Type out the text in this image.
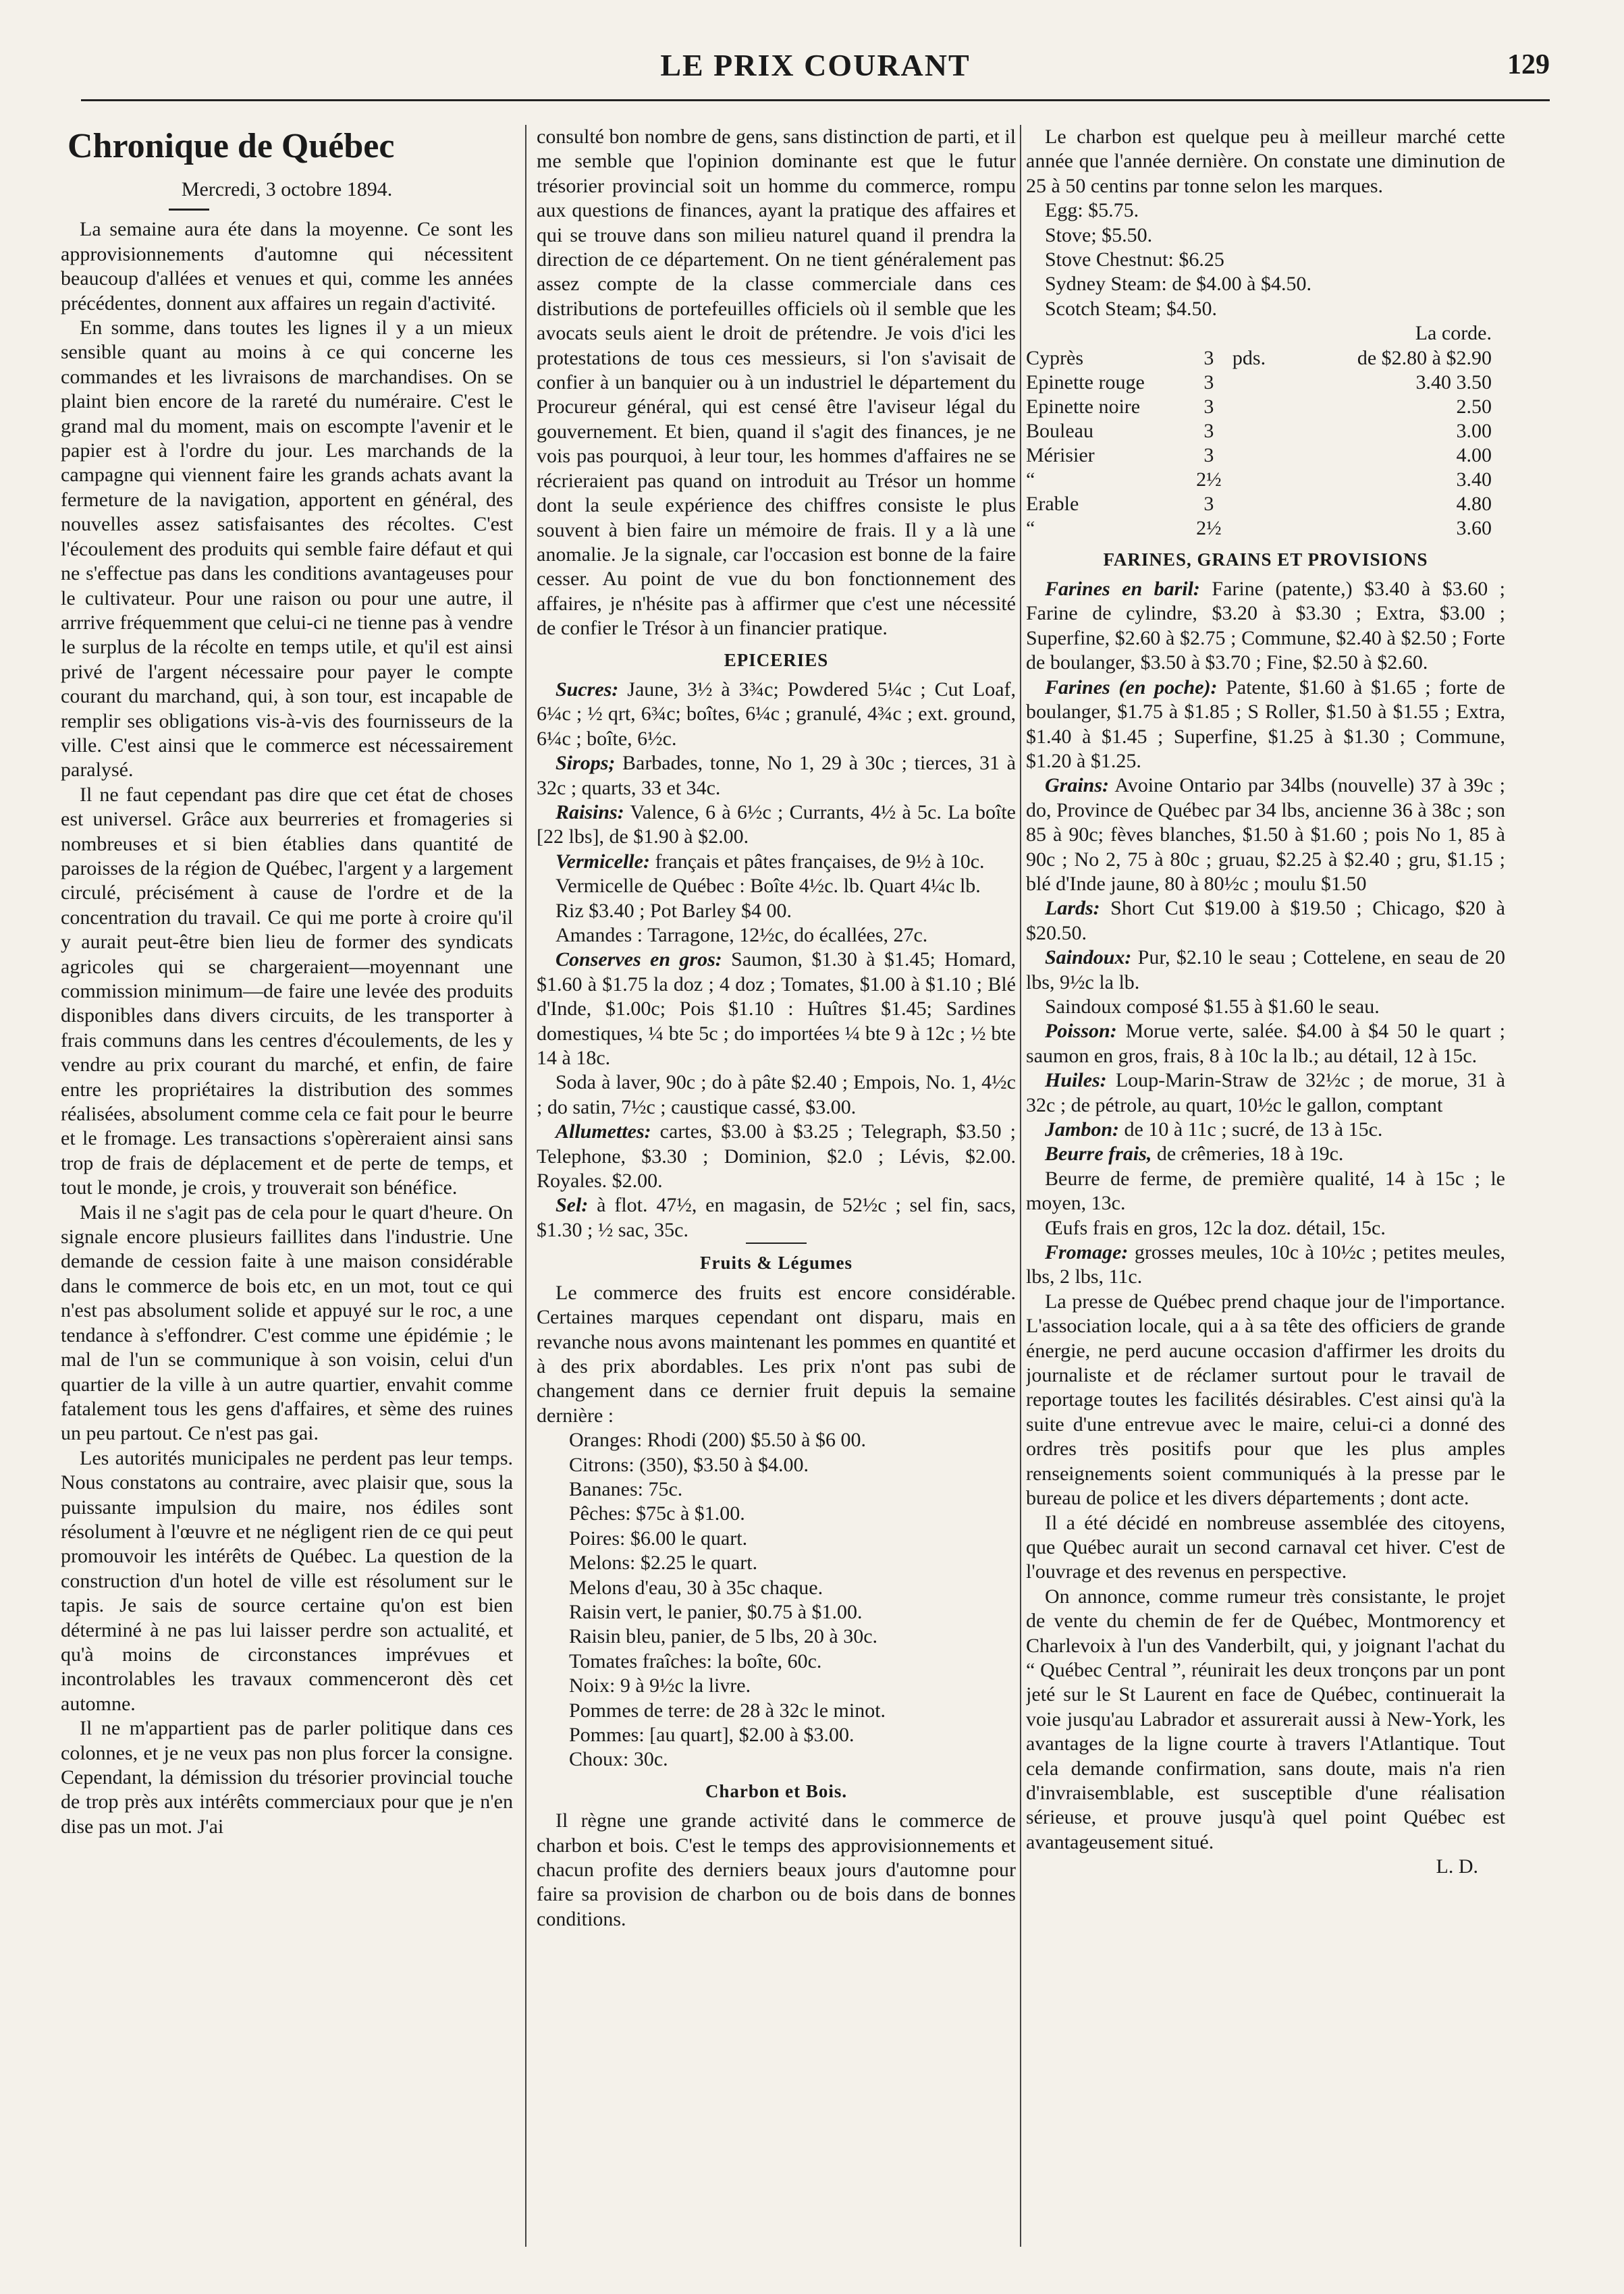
LE PRIX COURANT	129
Chronique de Québec
Mercredi, 3 octobre 1894.

La semaine aura éte dans la moyenne. Ce sont les approvisionnements d'automne qui nécessitent beaucoup d'allées et venues et qui, comme les années précédentes, donnent aux affaires un regain d'activité.

En somme, dans toutes les lignes il y a un mieux sensible quant au moins à ce qui concerne les commandes et les livraisons de marchandises. On se plaint bien encore de la rareté du numéraire. C'est le grand mal du moment, mais on escompte l'avenir et le papier est à l'ordre du jour. Les marchands de la campagne qui viennent faire les grands achats avant la fermeture de la navigation, apportent en général, des nouvelles assez satisfaisantes des récoltes. C'est l'écoulement des produits qui semble faire défaut et qui ne s'effectue pas dans les conditions avantageuses pour le cultivateur. Pour une raison ou pour une autre, il arrrive fréquemment que celui-ci ne tienne pas à vendre le surplus de la récolte en temps utile, et qu'il est ainsi privé de l'argent nécessaire pour payer le compte courant du marchand, qui, à son tour, est incapable de remplir ses obligations vis-à-vis des fournisseurs de la ville. C'est ainsi que le commerce est nécessairement paralysé.

Il ne faut cependant pas dire que cet état de choses est universel. Grâce aux beurreries et fromageries si nombreuses et si bien établies dans quantité de paroisses de la région de Québec, l'argent y a largement circulé, précisément à cause de l'ordre et de la concentration du travail. Ce qui me porte à croire qu'il y aurait peut-être bien lieu de former des syndicats agricoles qui se chargeraient—moyennant une commission minimum—de faire une levée des produits disponibles dans divers circuits, de les transporter à frais communs dans les centres d'écoulements, de les y vendre au prix courant du marché, et enfin, de faire entre les propriétaires la distribution des sommes réalisées, absolument comme cela ce fait pour le beurre et le fromage. Les transactions s'opèreraient ainsi sans trop de frais de déplacement et de perte de temps, et tout le monde, je crois, y trouverait son bénéfice.

Mais il ne s'agit pas de cela pour le quart d'heure. On signale encore plusieurs faillites dans l'industrie. Une demande de cession faite à une maison considérable dans le commerce de bois etc, en un mot, tout ce qui n'est pas absolument solide et appuyé sur le roc, a une tendance à s'effondrer. C'est comme une épidémie ; le mal de l'un se communique à son voisin, celui d'un quartier de la ville à un autre quartier, envahit comme fatalement tous les gens d'affaires, et sème des ruines un peu partout. Ce n'est pas gai.

Les autorités municipales ne perdent pas leur temps. Nous constatons au contraire, avec plaisir que, sous la puissante impulsion du maire, nos édiles sont résolument à l'œuvre et ne négligent rien de ce qui peut promouvoir les intérêts de Québec. La question de la construction d'un hotel de ville est résolument sur le tapis. Je sais de source certaine qu'on est bien déterminé à ne pas lui laisser perdre son actualité, et qu'à moins de circonstances imprévues et incontrolables les travaux commenceront dès cet automne.

Il ne m'appartient pas de parler politique dans ces colonnes, et je ne veux pas non plus forcer la consigne. Cependant, la démission du trésorier provincial touche de trop près aux intérêts commerciaux pour que je n'en dise pas un mot. J'ai

consulté bon nombre de gens, sans distinction de parti, et il me semble que l'opinion dominante est que le futur trésorier provincial soit un homme du commerce, rompu aux questions de finances, ayant la pratique des affaires et qui se trouve dans son milieu naturel quand il prendra la direction de ce département. On ne tient généralement pas assez compte de la classe commerciale dans ces distributions de portefeuilles officiels où il semble que les avocats seuls aient le droit de prétendre. Je vois d'ici les protestations de tous ces messieurs, si l'on s'avisait de confier à un banquier ou à un industriel le département du Procureur général, qui est censé être l'aviseur légal du gouvernement. Et bien, quand il s'agit des finances, je ne vois pas pourquoi, à leur tour, les hommes d'affaires ne se récrieraient pas quand on introduit au Trésor un homme dont la seule expérience des chiffres consiste le plus souvent à bien faire un mémoire de frais. Il y a là une anomalie. Je la signale, car l'occasion est bonne de la faire cesser. Au point de vue du bon fonctionnement des affaires, je n'hésite pas à affirmer que c'est une nécessité de confier le Trésor à un financier pratique.

EPICERIES

Sucres: Jaune, 3½ à 3¾c; Powdered 5¼c ; Cut Loaf, 6¼c ; ½ qrt, 6¾c; boîtes, 6¼c ; granulé, 4¾c ; ext. ground, 6¼c ; boîte, 6½c.

Sirops; Barbades, tonne, No 1, 29 à 30c ; tierces, 31 à 32c ; quarts, 33 et 34c.

Raisins: Valence, 6 à 6½c ; Currants, 4½ à 5c. La boîte [22 lbs], de $1.90 à $2.00.

Vermicelle: français et pâtes françaises, de 9½ à 10c.

Vermicelle de Québec : Boîte 4½c. lb. Quart 4¼c lb.

Riz $3.40 ; Pot Barley $4 00.

Amandes : Tarragone, 12½c, do écallées, 27c.

Conserves en gros: Saumon, $1.30 à $1.45; Homard, $1.60 à $1.75 la doz ; 4 doz ; Tomates, $1.00 à $1.10 ; Blé d'Inde, $1.00c; Pois $1.10 : Huîtres $1.45; Sardines domestiques, ¼ bte 5c ; do importées ¼ bte 9 à 12c ; ½ bte 14 à 18c.

Soda à laver, 90c ; do à pâte $2.40 ; Empois, No. 1, 4½c ; do satin, 7½c ; caustique cassé, $3.00.

Allumettes: cartes, $3.00 à $3.25 ; Telegraph, $3.50 ; Telephone, $3.30 ; Dominion, $2.0 ; Lévis, $2.00. Royales. $2.00.

Sel: à flot. 47½, en magasin, de 52½c ; sel fin, sacs, $1.30 ; ½ sac, 35c.

Fruits & Légumes

Le commerce des fruits est encore considérable. Certaines marques cependant ont disparu, mais en revanche nous avons maintenant les pommes en quantité et à des prix abordables. Les prix n'ont pas subi de changement dans ce dernier fruit depuis la semaine dernière :

Oranges: Rhodi (200) $5.50 à $6 00.

Citrons: (350), $3.50 à $4.00.

Bananes: 75c.

Pêches: $75c à $1.00.

Poires: $6.00 le quart.

Melons: $2.25 le quart.

Melons d'eau, 30 à 35c chaque.

Raisin vert, le panier, $0.75 à $1.00.

Raisin bleu, panier, de 5 lbs, 20 à 30c.

Tomates fraîches: la boîte, 60c.

Noix: 9 à 9½c la livre.

Pommes de terre: de 28 à 32c le minot.

Pommes: [au quart], $2.00 à $3.00.

Choux: 30c.

Charbon et Bois.

Il règne une grande activité dans le commerce de charbon et bois. C'est le temps des approvisionnements et chacun profite des derniers beaux jours d'automne pour faire sa provision de charbon ou de bois dans de bonnes conditions.

Le charbon est quelque peu à meilleur marché cette année que l'année dernière. On constate une diminution de 25 à 50 centins par tonne selon les marques.

Egg: $5.75.

Stove; $5.50.

Stove Chestnut: $6.25

Sydney Steam: de $4.00 à $4.50.

Scotch Steam; $4.50.

La corde.
Cyprès	3	pds.	de $2.80 à $2.90
Epinette rouge	3		3.40 3.50
Epinette noire	3		2.50
Bouleau	3		3.00
Mérisier	3		4.00
“	2½		3.40
Erable	3		4.80
“	2½		3.60
FARINES, GRAINS ET PROVISIONS

Farines en baril: Farine (patente,) $3.40 à $3.60 ; Farine de cylindre, $3.20 à $3.30 ; Extra, $3.00 ; Superfine, $2.60 à $2.75 ; Commune, $2.40 à $2.50 ; Forte de boulanger, $3.50 à $3.70 ; Fine, $2.50 à $2.60.

Farines (en poche): Patente, $1.60 à $1.65 ; forte de boulanger, $1.75 à $1.85 ; S Roller, $1.50 à $1.55 ; Extra, $1.40 à $1.45 ; Superfine, $1.25 à $1.30 ; Commune, $1.20 à $1.25.

Grains: Avoine Ontario par 34lbs (nouvelle) 37 à 39c ; do, Province de Québec par 34 lbs, ancienne 36 à 38c ; son 85 à 90c; fèves blanches, $1.50 à $1.60 ; pois No 1, 85 à 90c ; No 2, 75 à 80c ; gruau, $2.25 à $2.40 ; gru, $1.15 ; blé d'Inde jaune, 80 à 80½c ; moulu $1.50

Lards: Short Cut $19.00 à $19.50 ; Chicago, $20 à $20.50.

Saindoux: Pur, $2.10 le seau ; Cottelene, en seau de 20 lbs, 9½c la lb.

Saindoux composé $1.55 à $1.60 le seau.

Poisson: Morue verte, salée. $4.00 à $4 50 le quart ; saumon en gros, frais, 8 à 10c la lb.; au détail, 12 à 15c.

Huiles: Loup-Marin-Straw de 32½c ; de morue, 31 à 32c ; de pétrole, au quart, 10½c le gallon, comptant

Jambon: de 10 à 11c ; sucré, de 13 à 15c.

Beurre frais, de crêmeries, 18 à 19c.

Beurre de ferme, de première qualité, 14 à 15c ; le moyen, 13c.

Œufs frais en gros, 12c la doz. détail, 15c.

Fromage: grosses meules, 10c à 10½c ; petites meules, lbs, 2 lbs, 11c.

La presse de Québec prend chaque jour de l'importance. L'association locale, qui a à sa tête des officiers de grande énergie, ne perd aucune occasion d'affirmer les droits du journaliste et de réclamer surtout pour le travail de reportage toutes les facilités désirables. C'est ainsi qu'à la suite d'une entrevue avec le maire, celui-ci a donné des ordres très positifs pour que les plus amples renseignements soient communiqués à la presse par le bureau de police et les divers départements ; dont acte.

Il a été décidé en nombreuse assemblée des citoyens, que Québec aurait un second carnaval cet hiver. C'est de l'ouvrage et des revenus en perspective.

On annonce, comme rumeur très consistante, le projet de vente du chemin de fer de Québec, Montmorency et Charlevoix à l'un des Vanderbilt, qui, y joignant l'achat du “ Québec Central ”, réunirait les deux tronçons par un pont jeté sur le St Laurent en face de Québec, continuerait la voie jusqu'au Labrador et assurerait aussi à New-York, les avantages de la ligne courte à travers l'Atlantique. Tout cela demande confirmation, sans doute, mais n'a rien d'invraisemblable, est susceptible d'une réalisation sérieuse, et prouve jusqu'à quel point Québec est avantageusement situé.

L. D.
